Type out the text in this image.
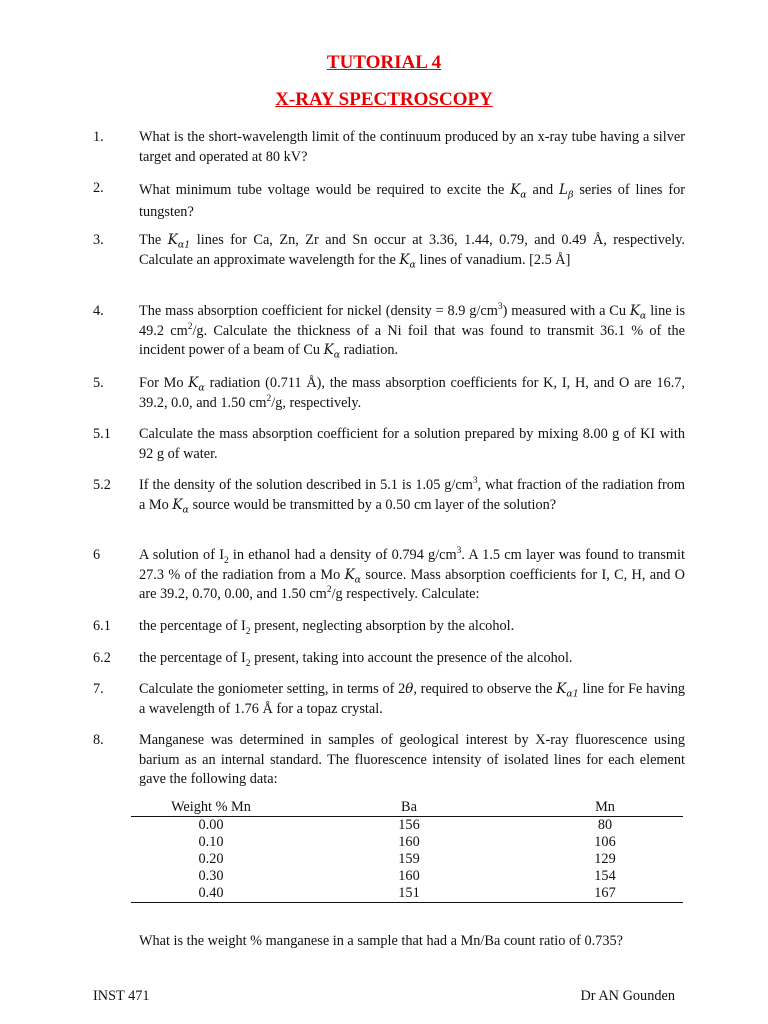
TUTORIAL 4
X-RAY SPECTROSCOPY
1.	What is the short-wavelength limit of the continuum produced by an x-ray tube having a silver target and operated at 80 kV?
2.	What minimum tube voltage would be required to excite the $K_\alpha$ and $L_\beta$ series of lines for tungsten?
3.	The $K_{\alpha 1}$ lines for Ca, Zn, Zr and Sn occur at 3.36, 1.44, 0.79, and 0.49 Å, respectively. Calculate an approximate wavelength for the $K_\alpha$ lines of vanadium. [2.5 Å]
4.	The mass absorption coefficient for nickel (density = 8.9 $g/cm^3$) measured with a Cu $K_\alpha$ line is 49.2 $cm^2/g$. Calculate the thickness of a Ni foil that was found to transmit 36.1 % of the incident power of a beam of Cu $K_\alpha$ radiation.
5.	For Mo $K_\alpha$ radiation (0.711 Å), the mass absorption coefficients for K, I, H, and O are 16.7, 39.2, 0.0, and 1.50 $cm^2/g$, respectively.
5.1	Calculate the mass absorption coefficient for a solution prepared by mixing 8.00 g of KI with 92 g of water.
5.2	If the density of the solution described in 5.1 is 1.05 $g/cm^3$, what fraction of the radiation from a Mo $K_\alpha$ source would be transmitted by a 0.50 cm layer of the solution?
6	A solution of $I_2$ in ethanol had a density of 0.794 $g/cm^3$. A 1.5 cm layer was found to transmit 27.3 % of the radiation from a Mo $K_\alpha$ source. Mass absorption coefficients for I, C, H, and O are 39.2, 0.70, 0.00, and 1.50 $cm^2/g$ respectively. Calculate:
6.1	the percentage of $I_2$ present, neglecting absorption by the alcohol.
6.2	the percentage of $I_2$ present, taking into account the presence of the alcohol.
7.	Calculate the goniometer setting, in terms of 2θ, required to observe the $K_{\alpha 1}$ line for Fe having a wavelength of 1.76 Å for a topaz crystal.
8.	Manganese was determined in samples of geological interest by X-ray fluorescence using barium as an internal standard. The fluorescence intensity of isolated lines for each element gave the following data:
Weight % Mn	Ba	Mn
0.00	156	80
0.10	160	106
0.20	159	129
0.30	160	154
0.40	151	167
What is the weight % manganese in a sample that had a Mn/Ba count ratio of 0.735?
INST 471	Dr AN Gounden
